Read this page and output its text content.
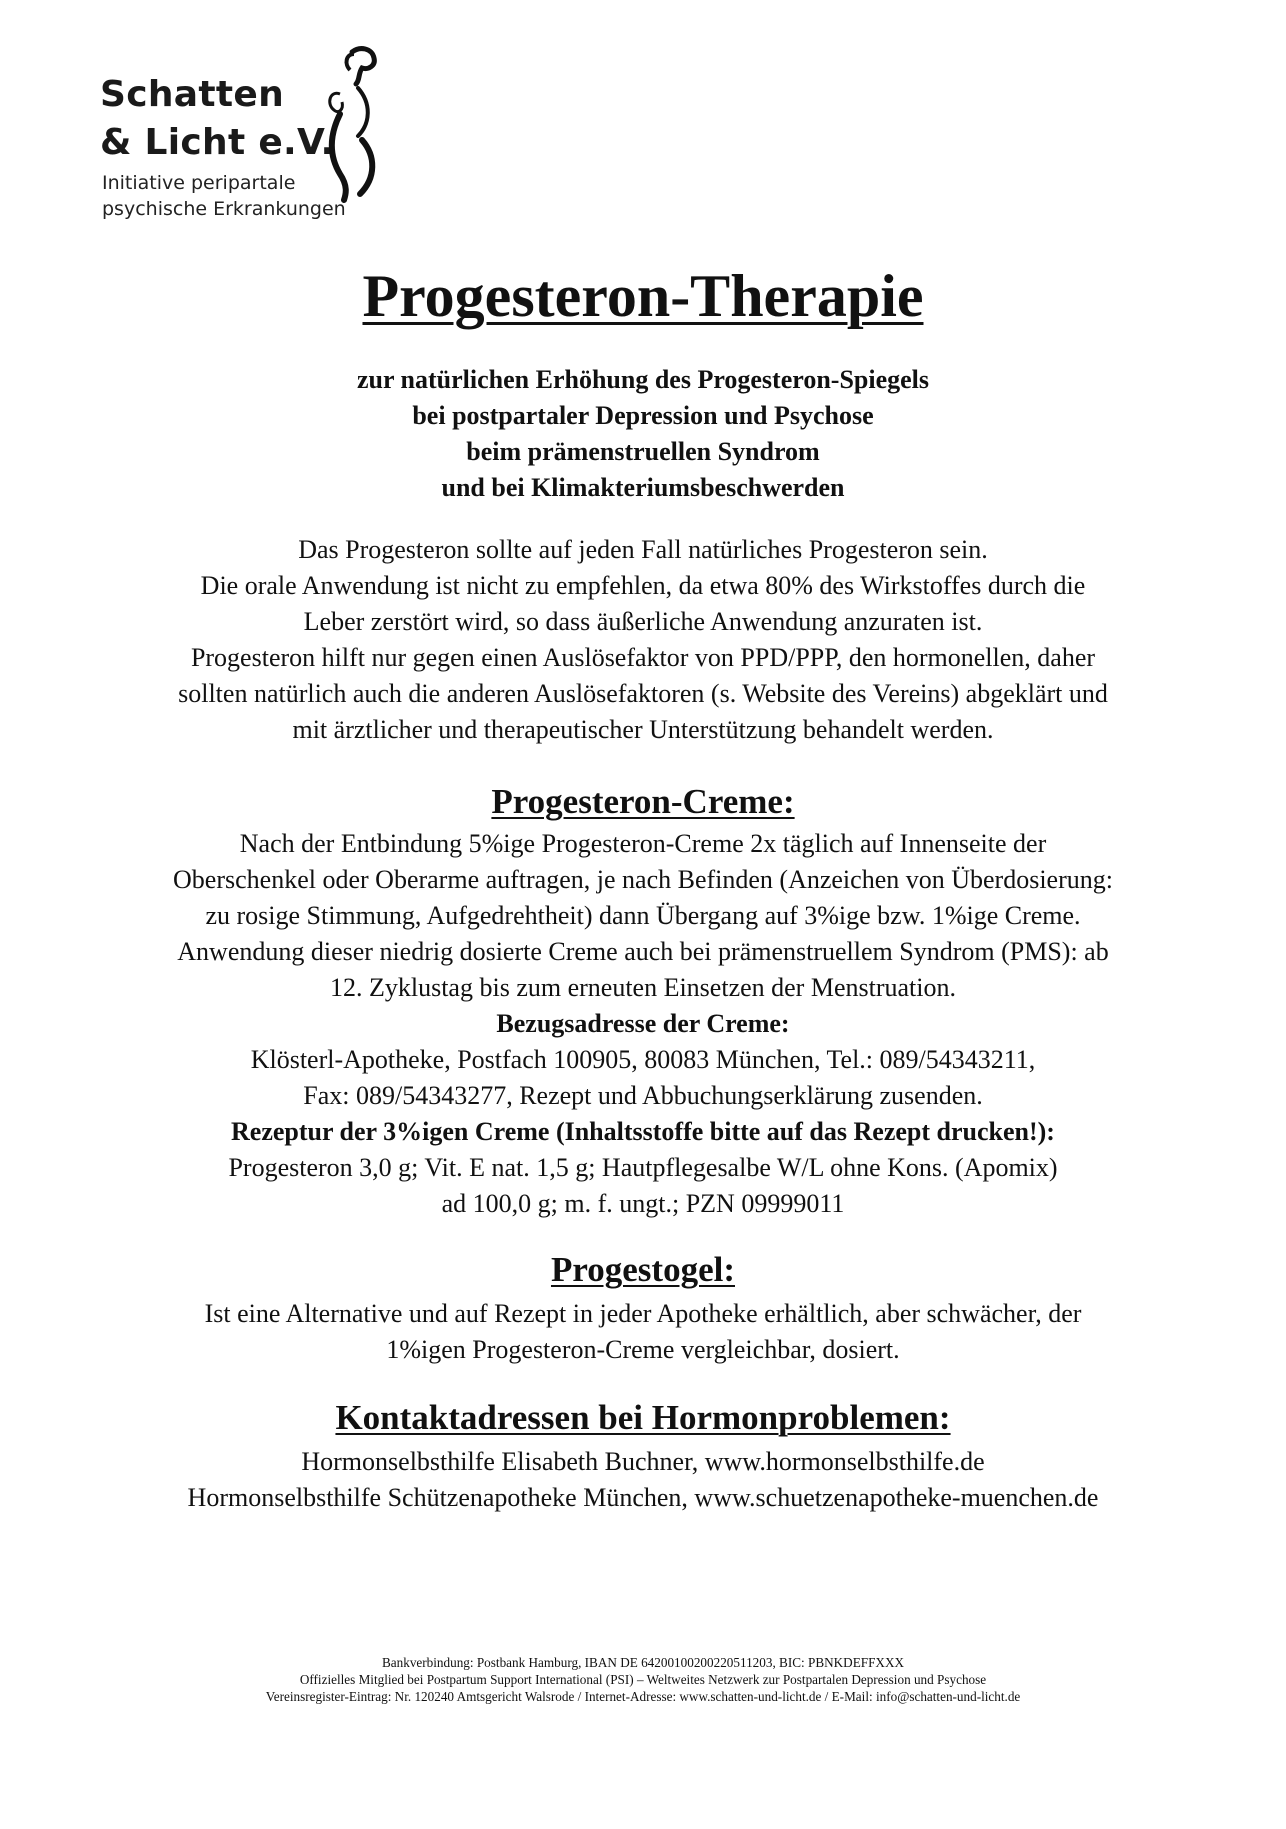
Schatten
& Licht e.V.
Initiative peripartale
psychische Erkrankungen
Progesteron-Therapie
zur natürlichen Erhöhung des Progesteron-Spiegels
bei postpartaler Depression und Psychose
beim prämenstruellen Syndrom
und bei Klimakteriumsbeschwerden
Das Progesteron sollte auf jeden Fall natürliches Progesteron sein.
Die orale Anwendung ist nicht zu empfehlen, da etwa 80% des Wirkstoffes durch die
Leber zerstört wird, so dass äußerliche Anwendung anzuraten ist.
Progesteron hilft nur gegen einen Auslösefaktor von PPD/PPP, den hormonellen, daher
sollten natürlich auch die anderen Auslösefaktoren (s. Website des Vereins) abgeklärt und
mit ärztlicher und therapeutischer Unterstützung behandelt werden.
Progesteron-Creme:
Nach der Entbindung 5%ige Progesteron-Creme 2x täglich auf Innenseite der
Oberschenkel oder Oberarme auftragen, je nach Befinden (Anzeichen von Überdosierung:
zu rosige Stimmung, Aufgedrehtheit) dann Übergang auf 3%ige bzw. 1%ige Creme.
Anwendung dieser niedrig dosierte Creme auch bei prämenstruellem Syndrom (PMS): ab
12. Zyklustag bis zum erneuten Einsetzen der Menstruation.
Bezugsadresse der Creme:
Klösterl-Apotheke, Postfach 100905, 80083 München, Tel.: 089/54343211,
Fax: 089/54343277, Rezept und Abbuchungserklärung zusenden.
Rezeptur der 3%igen Creme (Inhaltsstoffe bitte auf das Rezept drucken!):
Progesteron 3,0 g; Vit. E nat. 1,5 g; Hautpflegesalbe W/L ohne Kons. (Apomix)
ad 100,0 g; m. f. ungt.; PZN 09999011
Progestogel:
Ist eine Alternative und auf Rezept in jeder Apotheke erhältlich, aber schwächer, der
1%igen Progesteron-Creme vergleichbar, dosiert.
Kontaktadressen bei Hormonproblemen:
Hormonselbsthilfe Elisabeth Buchner, www.hormonselbsthilfe.de
Hormonselbsthilfe Schützenapotheke München, www.schuetzenapotheke-muenchen.de
Bankverbindung: Postbank Hamburg, IBAN DE 64200100200220511203, BIC: PBNKDEFFXXX
Offizielles Mitglied bei Postpartum Support International (PSI) – Weltweites Netzwerk zur Postpartalen Depression und Psychose
Vereinsregister-Eintrag: Nr. 120240 Amtsgericht Walsrode / Internet-Adresse: www.schatten-und-licht.de / E-Mail: info@schatten-und-licht.de
